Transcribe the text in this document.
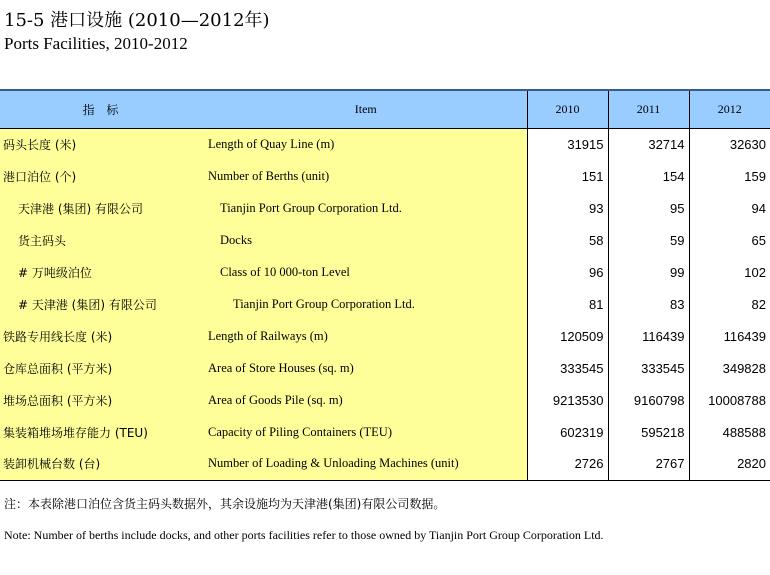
15-5 港口设施 (2010—2012年)
Ports Facilities, 2010-2012
指 标	Item	2010	2011	2012
码头长度 (米)	Length of Quay Line (m)	31915	32714	32630
港口泊位 (个)	Number of Berths (unit)	151	154	159
天津港 (集团) 有限公司	Tianjin Port Group Corporation Ltd.	93	95	94
货主码头	Docks	58	59	65
# 万吨级泊位	Class of 10 000-ton Level	96	99	102
# 天津港 (集团) 有限公司	Tianjin Port Group Corporation Ltd.	81	83	82
铁路专用线长度 (米)	Length of Railways (m)	120509	116439	116439
仓库总面积 (平方米)	Area of Store Houses (sq. m)	333545	333545	349828
堆场总面积 (平方米)	Area of Goods Pile (sq. m)	9213530	9160798	10008788
集装箱堆场堆存能力 (TEU)	Capacity of Piling Containers (TEU)	602319	595218	488588
装卸机械台数 (台)	Number of Loading & Unloading Machines (unit)	2726	2767	2820
注：本表除港口泊位含货主码头数据外，其余设施均为天津港(集团)有限公司数据。
Note: Number of berths include docks, and other ports facilities refer to those owned by Tianjin Port Group Corporation Ltd.
